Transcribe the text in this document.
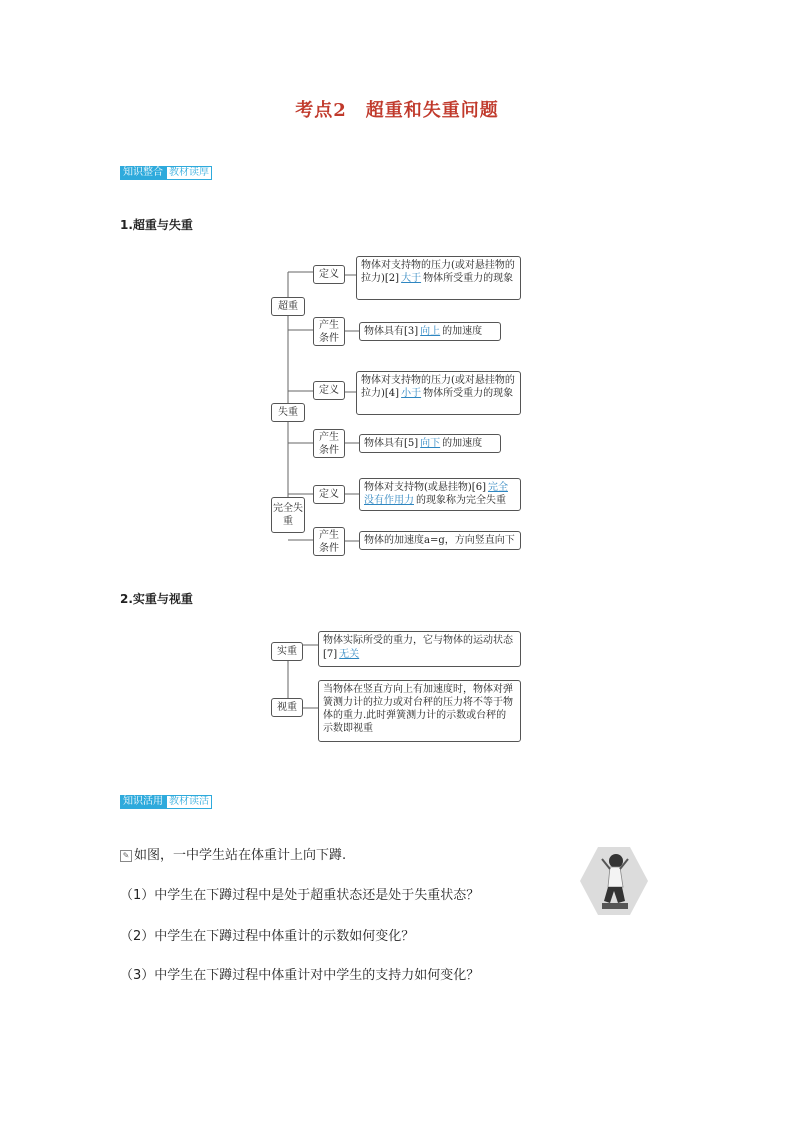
考点2　超重和失重问题
知识整合 教材读厚
1.超重与失重
超重
失重
完全失重
定义
产生条件
定义
产生条件
定义
产生条件
物体对支持物的压力(或对悬挂物的拉力)[2] 大于 物体所受重力的现象
物体具有[3] 向上 的加速度
物体对支持物的压力(或对悬挂物的拉力)[4] 小于 物体所受重力的现象
物体具有[5] 向下 的加速度
物体对支持物(或悬挂物)[6] 完全没有作用力 的现象称为完全失重
物体的加速度a=g，方向竖直向下
2.实重与视重
实重
视重
物体实际所受的重力，它与物体的运动状态[7] 无关
当物体在竖直方向上有加速度时，物体对弹簧测力计的拉力或对台秤的压力将不等于物体的重力.此时弹簧测力计的示数或台秤的示数即视重
知识活用 教材读活
✎ 如图，一中学生站在体重计上向下蹲.
（1）中学生在下蹲过程中是处于超重状态还是处于失重状态？
（2）中学生在下蹲过程中体重计的示数如何变化？
（3）中学生在下蹲过程中体重计对中学生的支持力如何变化？
